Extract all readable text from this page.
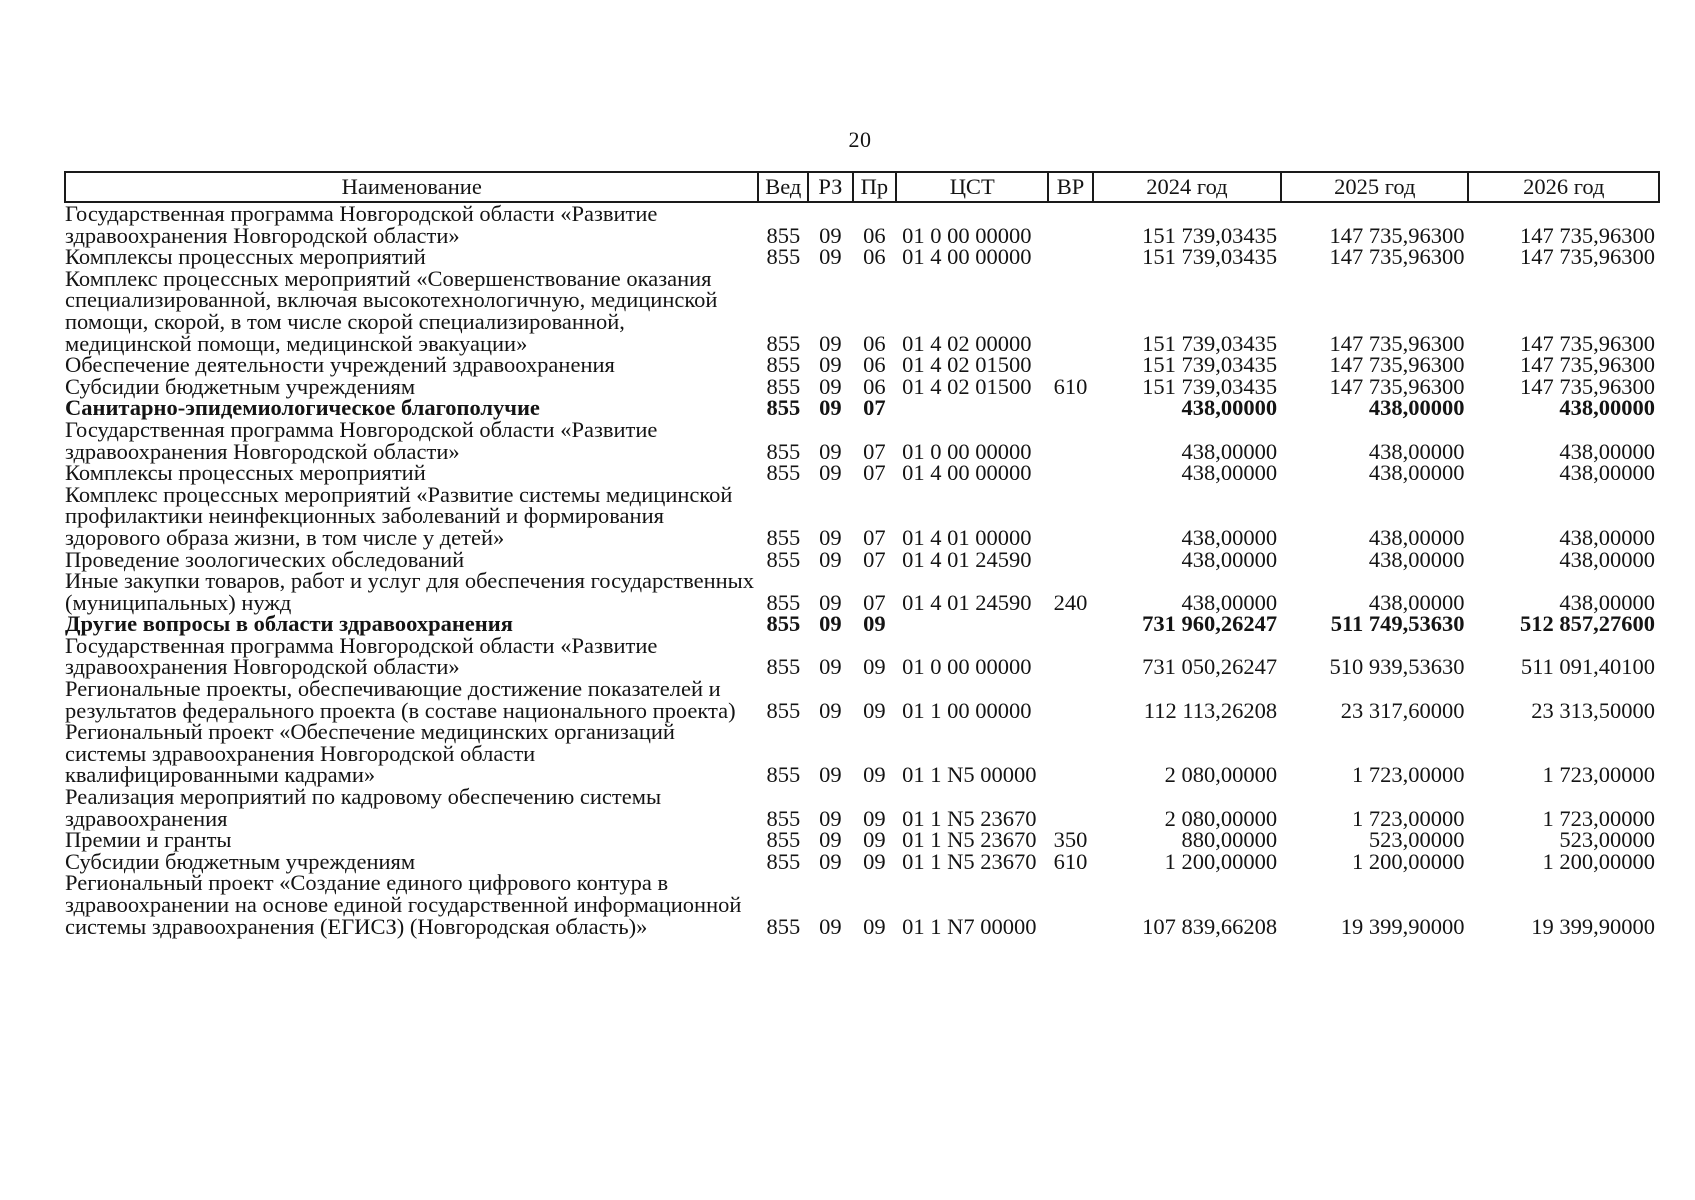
20
Наименование	Вед	РЗ	Пр	ЦСТ	ВР	2024 год	2025 год	2026 год
Государственная программа Новгородской области «Развитие здравоохранения Новгородской области»	855	09	06	01 0 00 00000		151 739,03435	147 735,96300	147 735,96300
Комплексы процессных мероприятий	855	09	06	01 4 00 00000		151 739,03435	147 735,96300	147 735,96300
Комплекс процессных мероприятий «Совершенствование оказания специализированной, включая высокотехнологичную, медицинской помощи, скорой, в том числе скорой специализированной, медицинской помощи, медицинской эвакуации»	855	09	06	01 4 02 00000		151 739,03435	147 735,96300	147 735,96300
Обеспечение деятельности учреждений здравоохранения	855	09	06	01 4 02 01500		151 739,03435	147 735,96300	147 735,96300
Субсидии бюджетным учреждениям	855	09	06	01 4 02 01500	610	151 739,03435	147 735,96300	147 735,96300
Санитарно-эпидемиологическое благополучие	855	09	07			438,00000	438,00000	438,00000
Государственная программа Новгородской области «Развитие здравоохранения Новгородской области»	855	09	07	01 0 00 00000		438,00000	438,00000	438,00000
Комплексы процессных мероприятий	855	09	07	01 4 00 00000		438,00000	438,00000	438,00000
Комплекс процессных мероприятий «Развитие системы медицинской профилактики неинфекционных заболеваний и формирования здорового образа жизни, в том числе у детей»	855	09	07	01 4 01 00000		438,00000	438,00000	438,00000
Проведение зоологических обследований	855	09	07	01 4 01 24590		438,00000	438,00000	438,00000
Иные закупки товаров, работ и услуг для обеспечения государственных (муниципальных) нужд	855	09	07	01 4 01 24590	240	438,00000	438,00000	438,00000
Другие вопросы в области здравоохранения	855	09	09			731 960,26247	511 749,53630	512 857,27600
Государственная программа Новгородской области «Развитие здравоохранения Новгородской области»	855	09	09	01 0 00 00000		731 050,26247	510 939,53630	511 091,40100
Региональные проекты, обеспечивающие достижение показателей и результатов федерального проекта (в составе национального проекта)	855	09	09	01 1 00 00000		112 113,26208	23 317,60000	23 313,50000
Региональный проект «Обеспечение медицинских организаций системы здравоохранения Новгородской области квалифицированными кадрами»	855	09	09	01 1 N5 00000		2 080,00000	1 723,00000	1 723,00000
Реализация мероприятий по кадровому обеспечению системы здравоохранения	855	09	09	01 1 N5 23670		2 080,00000	1 723,00000	1 723,00000
Премии и гранты	855	09	09	01 1 N5 23670	350	880,00000	523,00000	523,00000
Субсидии бюджетным учреждениям	855	09	09	01 1 N5 23670	610	1 200,00000	1 200,00000	1 200,00000
Региональный проект «Создание единого цифрового контура в здравоохранении на основе единой государственной информационной системы здравоохранения (ЕГИСЗ) (Новгородская область)»	855	09	09	01 1 N7 00000		107 839,66208	19 399,90000	19 399,90000
